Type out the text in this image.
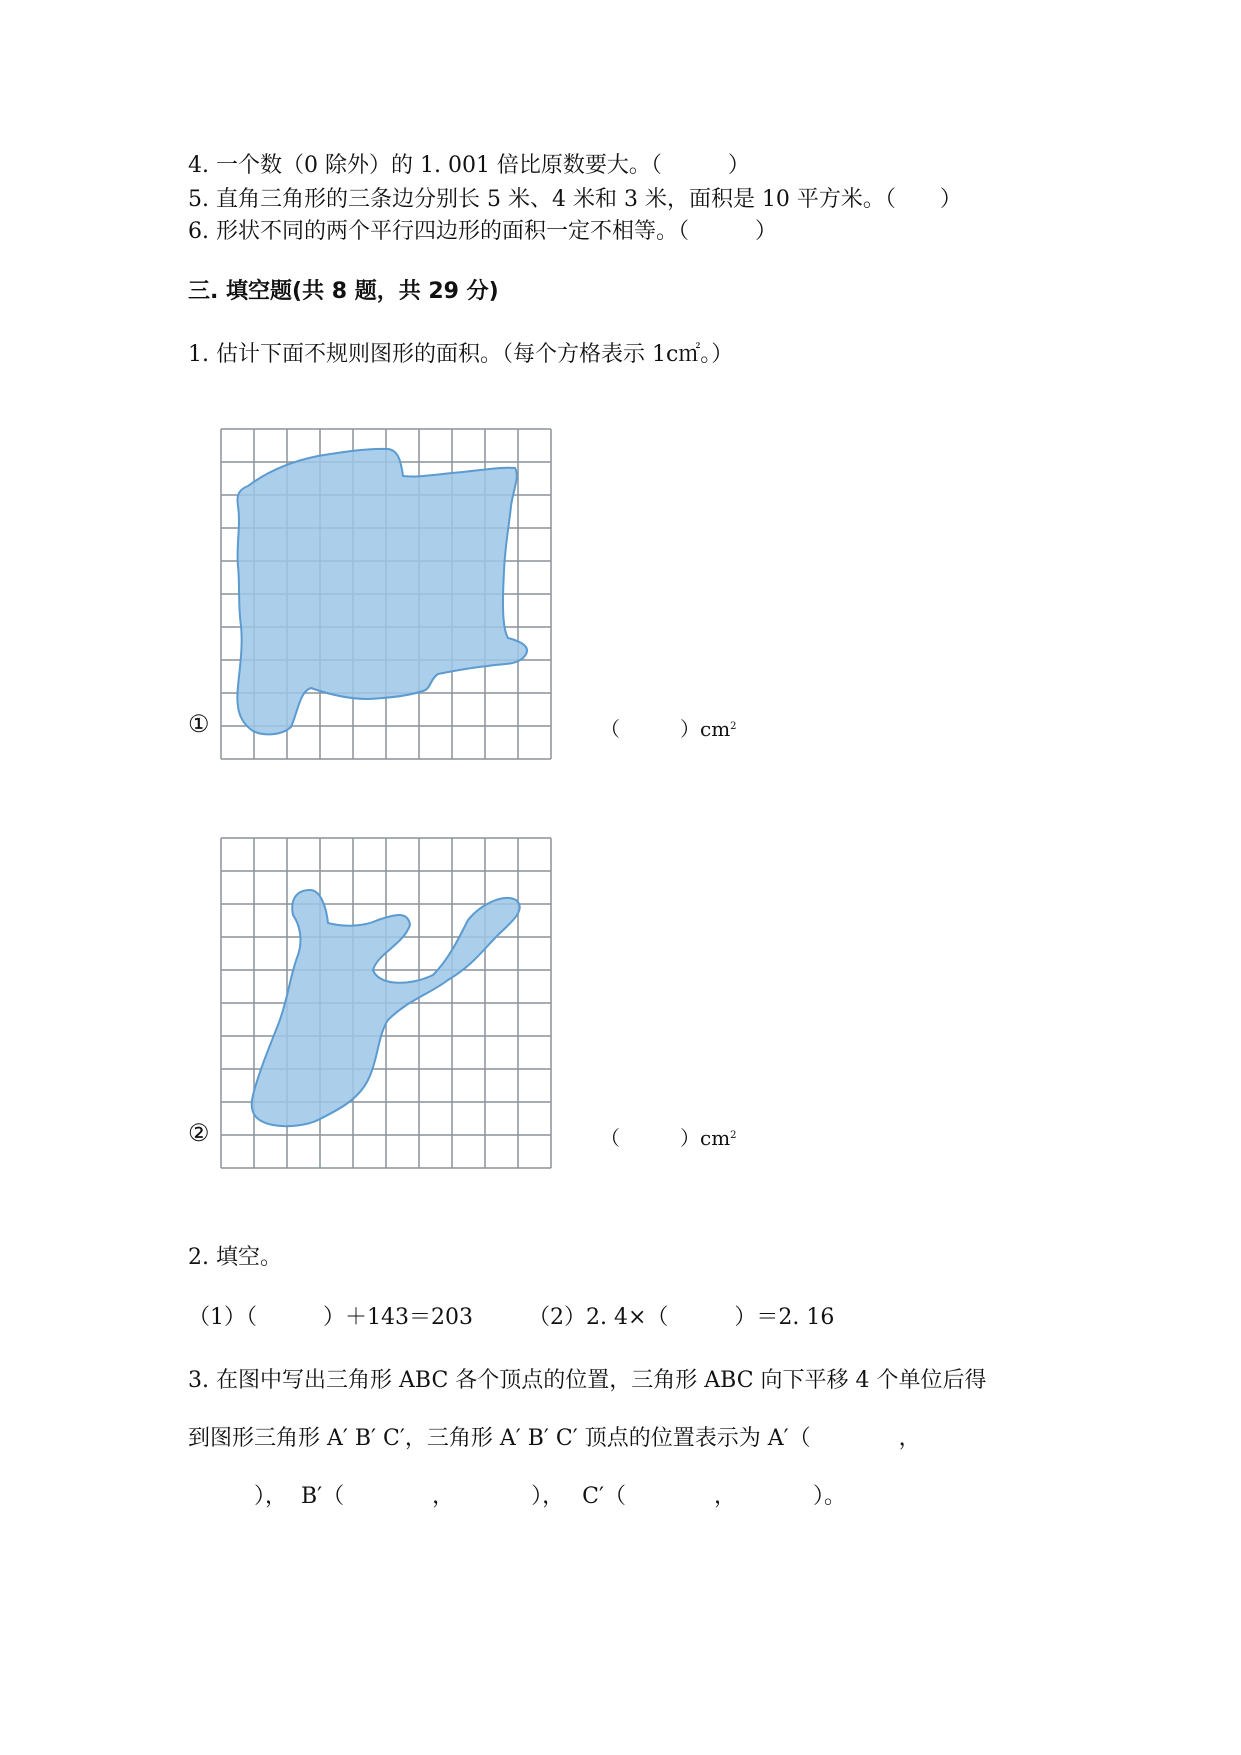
4. 一个数（0 除外）的 1. 001 倍比原数要大。（　　　）
5. 直角三角形的三条边分别长 5 米、4 米和 3 米，面积是 10 平方米。（　　）
6. 形状不同的两个平行四边形的面积一定不相等。（　　　）
三. 填空题(共 8 题，共 29 分)
1. 估计下面不规则图形的面积。（每个方格表示 1c㎡。）
①	（　　　）$cm^2$
②	（　　　）$cm^2$
2. 填空。
（1）（　　　）＋143＝203　　　（2）2. 4×（　　　）＝2. 16
3. 在图中写出三角形 ABC 各个顶点的位置，三角形 ABC 向下平移 4 个单位后得
到图形三角形 A′ B′ C′，三角形 A′ B′ C′ 顶点的位置表示为 A′（　　　　，
　　　），  B′（　　　　，　　　　），　 C′（　　　　，　　　　）。
